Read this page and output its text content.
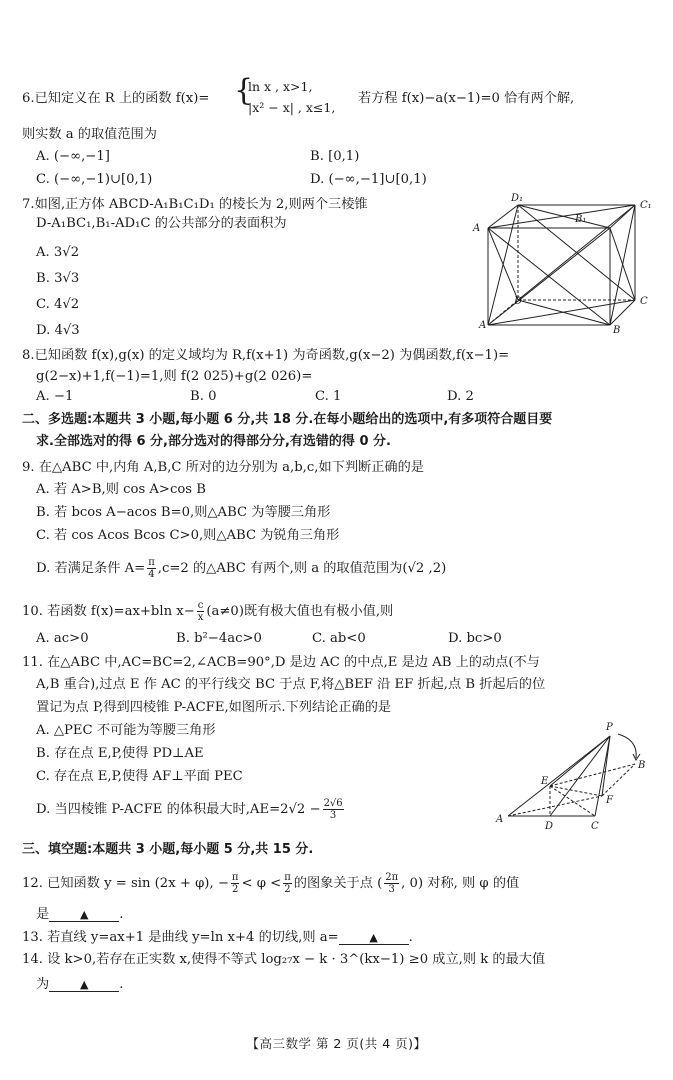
6.已知定义在 R 上的函数 f(x)= {
ln x , x>1,
|x² − x| , x≤1,
若方程 f(x)−a(x−1)=0 恰有两个解,
则实数 a 的取值范围为
A. (−∞,−1]	B. [0,1)
C. (−∞,−1)∪[0,1)	D. (−∞,−1]∪[0,1)
7.如图,正方体 ABCD-A₁B₁C₁D₁ 的棱长为 2,则两个三棱锥
D-A₁BC₁,B₁-AD₁C 的公共部分的表面积为
A. 3√2
B. 3√3
C. 4√2
D. 4√3
A
D₁
B₁
C₁
C
D
A	B
8.已知函数 f(x),g(x) 的定义域均为 R,f(x+1) 为奇函数,g(x−2) 为偶函数,f(x−1)=
g(2−x)+1,f(−1)=1,则 f(2 025)+g(2 026)=
A. −1	B. 0	C. 1	D. 2
二、多选题:本题共 3 小题,每小题 6 分,共 18 分.在每小题给出的选项中,有多项符合题目要
求.全部选对的得 6 分,部分选对的得部分分,有选错的得 0 分.
9. 在△ABC 中,内角 A,B,C 所对的边分别为 a,b,c,如下判断正确的是
A. 若 A>B,则 cos A>cos B
B. 若 bcos A−acos B=0,则△ABC 为等腰三角形
C. 若 cos Acos Bcos C>0,则△ABC 为锐角三角形
D. 若满足条件 $A= \frac{\pi}{4} ,c=2$ 的△ABC 有两个,则 a 的取值范围为(√2 ,2)
10. 若函数 f(x)=ax+bln $x- \frac{c}{x} (a\ne 0)$既有极大值也有极小值,则
A. ac>0	B. b²−4ac>0	C. ab<0	D. bc>0
11. 在△ABC 中,AC=BC=2,∠ACB=90°,D 是边 AC 的中点,E 是边 AB 上的动点(不与
A,B 重合),过点 E 作 AC 的平行线交 BC 于点 F,将△BEF 沿 EF 折起,点 B 折起后的位
置记为点 P,得到四棱锥 P-ACFE,如图所示.下列结论正确的是
A. △PEC 不可能为等腰三角形
B. 存在点 E,P,使得 PD⊥AE
C. 存在点 E,P,使得 AF⊥平面 PEC
D. 当四棱锥 P-ACFE 的体积最大时$,AE=2√2 - \frac{2√6}{3}$
P
B
E
F
A
D	C
三、填空题:本题共 3 小题,每小题 5 分,共 15 分.
12. 已知函数 y = sin (2x + φ), − $\frac{\pi}{2} < \varphi < \frac{\pi}{2}$ 的图象关于点 ( $\frac{2\pi}{3}$ , 0) 对称, 则 φ 的值
是	▲ .
13. 若直线 y=ax+1 是曲线 y=ln x+4 的切线,则 a=	▲ .
14. 设 k>0,若存在正实数 x,使得不等式 log₂₇x − k · 3^(kx−1) ≥0 成立,则 k 的最大值
为	▲ .
【高三数学 第 2 页(共 4 页)】
